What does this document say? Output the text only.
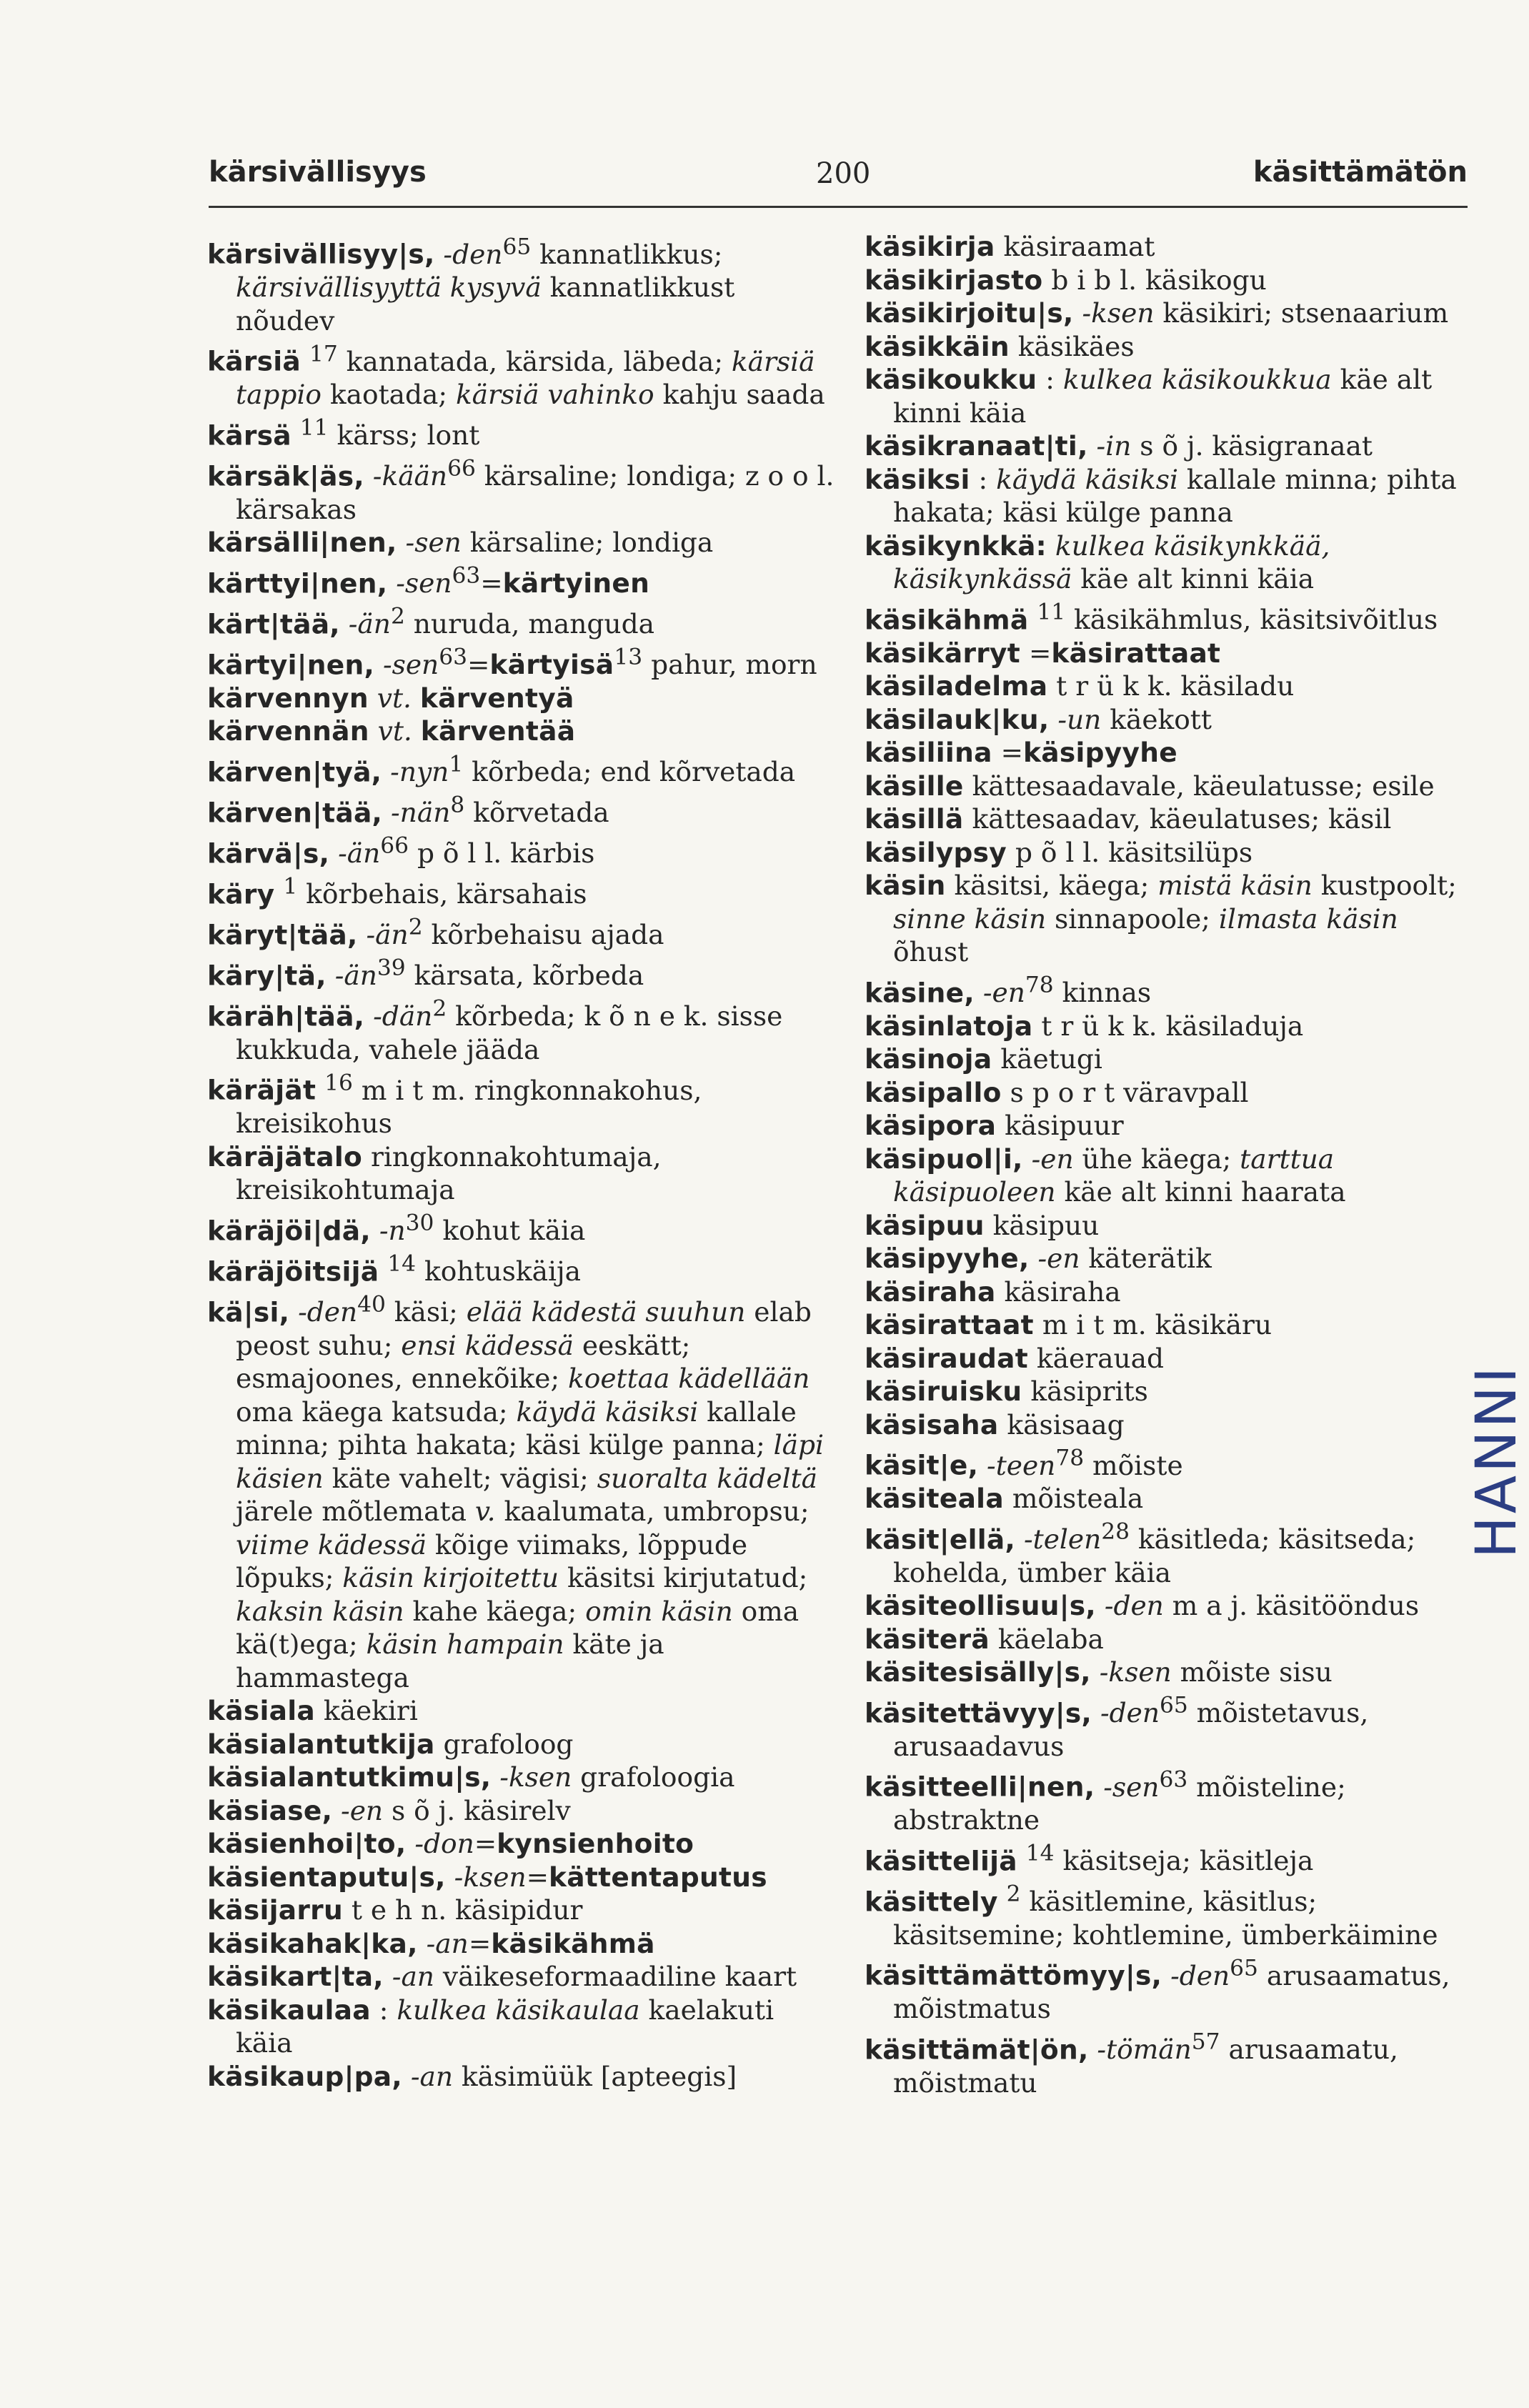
kärsivällisyys	200	käsittämätön

kärsivällisyy|s, -den$^{65}$ kannatlikkus; kärsivällisyyttä kysyvä kannatlikkust nõudev

kärsiä $^{17}$ kannatada, kärsida, läbeda; kärsiä tappio kaotada; kärsiä vahinko kahju saada

kärsä $^{11}$ kärss; lont

kärsäk|äs, -kään$^{66}$ kärsaline; londiga; z o o l. kärsakas

kärsälli|nen, -sen kärsaline; londiga

kärttyi|nen, -sen$^{63}$=kärtyinen

kärt|tää, $-än^2$ nuruda, manguda

kärtyi|nen, -sen$^{63}$=kärtyisä$^{13}$ pahur, morn

kärvennyn vt. kärventyä

kärvennän vt. kärventää

kärven|tyä, -nyn$^1$ kõrbeda; end kõrvetada

kärven|tää, -nän$^8$ kõrvetada

kärvä|s, $-än^{66}$ p õ l l. kärbis

käry $^1$ kõrbehais, kärsahais

käryt|tää, $-än^2$ kõrbehaisu ajada

käry|tä, $-än^{39}$ kärsata, kõrbeda

käräh|tää, -dän$^2$ kõrbeda; k õ n e k. sisse kukkuda, vahele jääda

käräjät $^{16}$ m i t m. ringkonnakohus, kreisikohus

käräjätalo ringkonnakohtumaja, kreisikohtumaja

käräjöi|dä, $-n^{30}$ kohut käia

käräjöitsijä $^{14}$ kohtuskäija

kä|si, -den$^{40}$ käsi; elää kädestä suuhun elab peost suhu; ensi kädessä eeskätt; esmajoones, ennekõike; koettaa kädellään oma käega katsuda; käydä käsiksi kallale minna; pihta hakata; käsi külge panna; läpi käsien käte vahelt; vägisi; suoralta kädeltä järele mõtlemata v. kaalumata, umbropsu; viime kädessä kõige viimaks, lõppude lõpuks; käsin kirjoitettu käsitsi kirjutatud; kaksin käsin kahe käega; omin käsin oma kä(t)ega; käsin hampain käte ja hammastega

käsiala käekiri

käsialantutkija grafoloog

käsialantutkimu|s, -ksen grafoloogia

käsiase, -en s õ j. käsirelv

käsienhoi|to, -don=kynsienhoito

käsientaputu|s, -ksen=kättentaputus

käsijarru t e h n. käsipidur

käsikahak|ka, -an=käsikähmä

käsikart|ta, -an väikeseformaadiline kaart

käsikaulaa : kulkea käsikaulaa kaelakuti käia

käsikaup|pa, -an käsimüük [apteegis]

käsikirja käsiraamat

käsikirjasto b i b l. käsikogu

käsikirjoitu|s, -ksen käsikiri; stsenaarium

käsikkäin käsikäes

käsikoukku : kulkea käsikoukkua käe alt kinni käia

käsikranaat|ti, -in s õ j. käsigranaat

käsiksi : käydä käsiksi kallale minna; pihta hakata; käsi külge panna

käsikynkkä: kulkea käsikynkkää, käsikynkässä käe alt kinni käia

käsikähmä $^{11}$ käsikähmlus, käsitsivõitlus

käsikärryt =käsirattaat

käsiladelma t r ü k k. käsiladu

käsilauk|ku, -un käekott

käsiliina =käsipyyhe

käsille kättesaadavale, käeulatusse; esile

käsillä kättesaadav, käeulatuses; käsil

käsilypsy p õ l l. käsitsilüps

käsin käsitsi, käega; mistä käsin kustpoolt; sinne käsin sinnapoole; ilmasta käsin õhust

käsine, $-en^{78}$ kinnas

käsinlatoja t r ü k k. käsiladuja

käsinoja käetugi

käsipallo s p o r t väravpall

käsipora käsipuur

käsipuol|i, -en ühe käega; tarttua käsipuoleen käe alt kinni haarata

käsipuu käsipuu

käsipyyhe, -en käterätik

käsiraha käsiraha

käsirattaat m i t m. käsikäru

käsiraudat käerauad

käsiruisku käsiprits

käsisaha käsisaag

käsit|e, -teen$^{78}$ mõiste

käsiteala mõisteala

käsit|ellä, -telen$^{28}$ käsitleda; käsitseda; kohelda, ümber käia

käsiteollisuu|s, -den m a j. käsitööndus

käsiterä käelaba

käsitesisälly|s, -ksen mõiste sisu

käsitettävyy|s, -den$^{65}$ mõistetavus, arusaadavus

käsitteelli|nen, -sen$^{63}$ mõisteline; abstraktne

käsittelijä $^{14}$ käsitseja; käsitleja

käsittely $^2$ käsitlemine, käsitlus; käsitsemine; kohtlemine, ümberkäimine

käsittämättömyy|s, -den$^{65}$ arusaamatus, mõistmatus

käsittämät|ön, -tömän$^{57}$ arusaamatu, mõistmatu

HANNI
